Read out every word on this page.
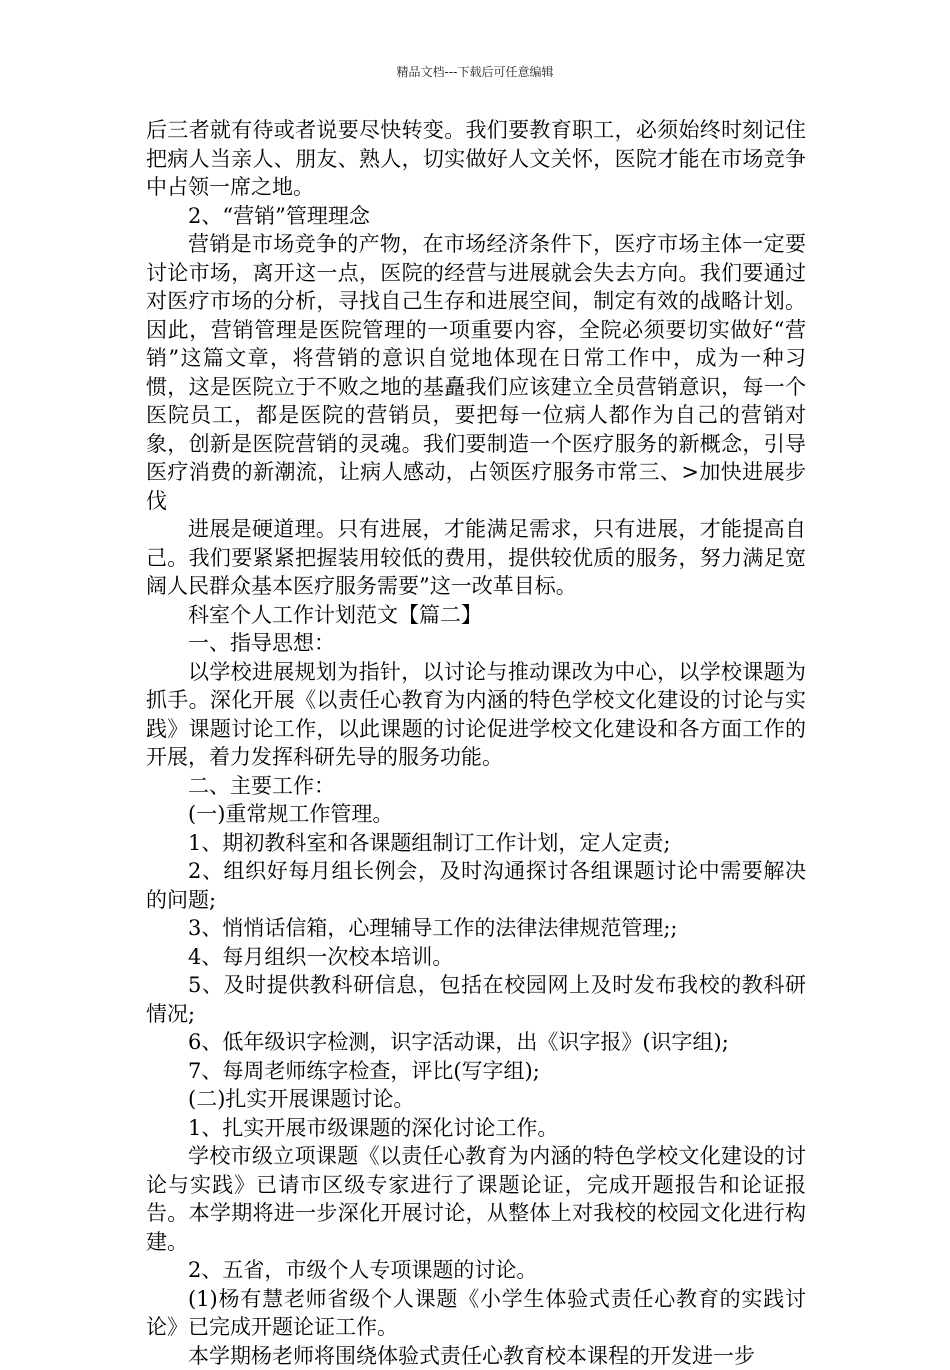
精品文档---下载后可任意编辑

后三者就有待或者说要尽快转变。我们要教育职工，必须始终时刻记住把病人当亲人、朋友、熟人，切实做好人文关怀，医院才能在市场竞争中占领一席之地。

2、“营销”管理理念

营销是市场竞争的产物，在市场经济条件下，医疗市场主体一定要讨论市场，离开这一点，医院的经营与进展就会失去方向。我们要通过对医疗市场的分析，寻找自己生存和进展空间，制定有效的战略计划。因此，营销管理是医院管理的一项重要内容，全院必须要切实做好“营销”这篇文章，将营销的意识自觉地体现在日常工作中，成为一种习惯，这是医院立于不败之地的基矗我们应该建立全员营销意识，每一个医院员工，都是医院的营销员，要把每一位病人都作为自己的营销对象，创新是医院营销的灵魂。我们要制造一个医疗服务的新概念，引导医疗消费的新潮流，让病人感动，占领医疗服务市常三、>加快进展步伐

进展是硬道理。只有进展，才能满足需求，只有进展，才能提高自己。我们要紧紧把握装用较低的费用，提供较优质的服务，努力满足宽阔人民群众基本医疗服务需要”这一改革目标。

科室个人工作计划范文【篇二】

一、指导思想：

以学校进展规划为指针，以讨论与推动课改为中心，以学校课题为抓手。深化开展《以责任心教育为内涵的特色学校文化建设的讨论与实践》课题讨论工作，以此课题的讨论促进学校文化建设和各方面工作的开展，着力发挥科研先导的服务功能。

二、主要工作：

(一)重常规工作管理。

1、期初教科室和各课题组制订工作计划，定人定责;

2、组织好每月组长例会，及时沟通探讨各组课题讨论中需要解决的问题;

3、悄悄话信箱，心理辅导工作的法律法律规范管理;;

4、每月组织一次校本培训。

5、及时提供教科研信息，包括在校园网上及时发布我校的教科研情况;

6、低年级识字检测，识字活动课，出《识字报》(识字组);

7、每周老师练字检查，评比(写字组);

(二)扎实开展课题讨论。

1、扎实开展市级课题的深化讨论工作。

学校市级立项课题《以责任心教育为内涵的特色学校文化建设的讨论与实践》已请市区级专家进行了课题论证，完成开题报告和论证报告。本学期将进一步深化开展讨论，从整体上对我校的校园文化进行构建。

2、五省，市级个人专项课题的讨论。

(1)杨有慧老师省级个人课题《小学生体验式责任心教育的实践讨论》已完成开题论证工作。

本学期杨老师将围绕体验式责任心教育校本课程的开发进一步
